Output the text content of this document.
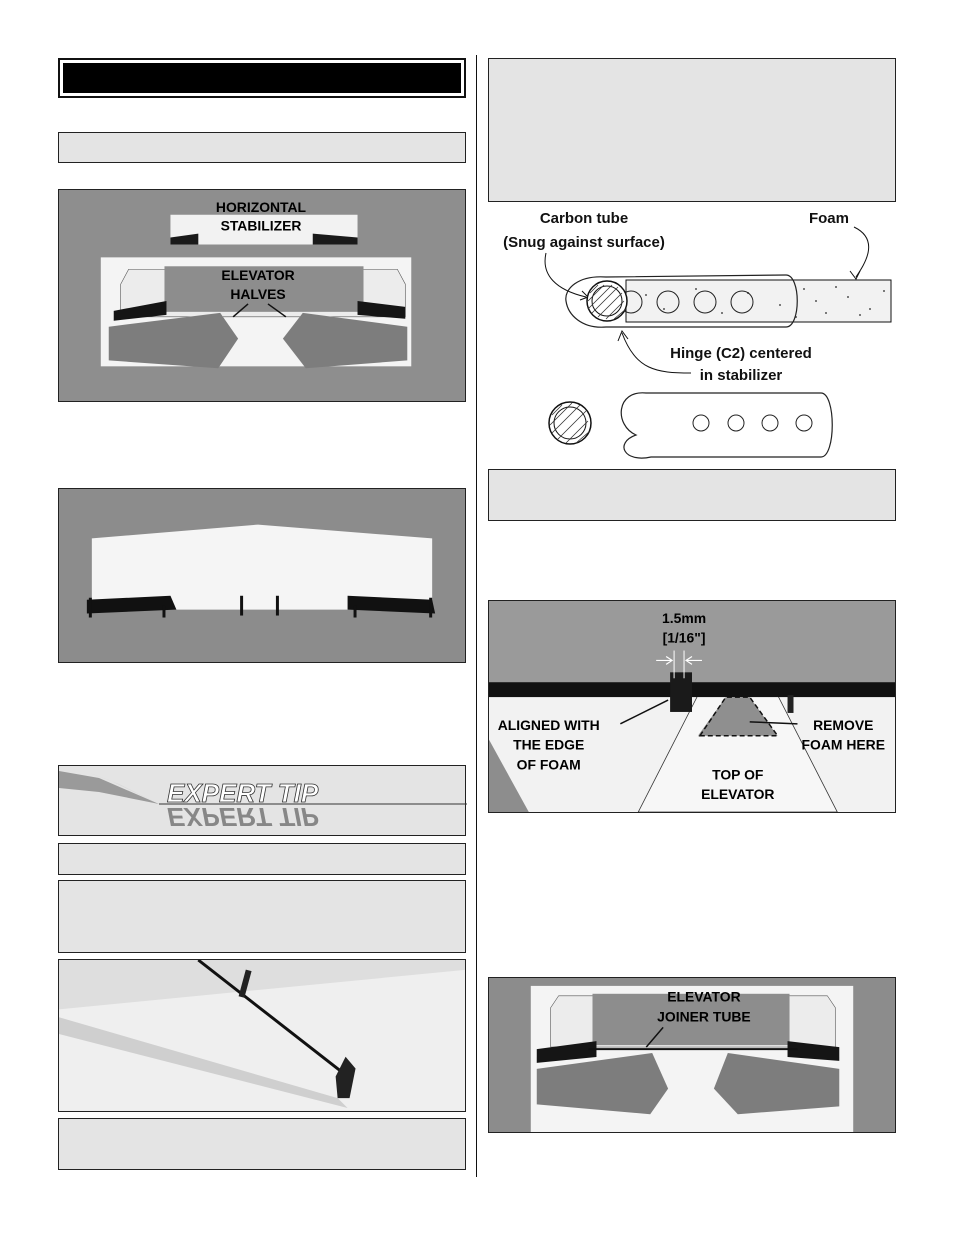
HORIZONTAL
STABILIZER
ELEVATOR
HALVES
EXPERT TIP
EXPERT TIP
Carbon tube
(Snug against surface)
Foam
Hinge (C2) centered
in stabilizer
1.5mm
[1/16"]
ALIGNED WITH
THE EDGE
OF FOAM
REMOVE
FOAM HERE
TOP OF
ELEVATOR
ELEVATOR
JOINER TUBE
